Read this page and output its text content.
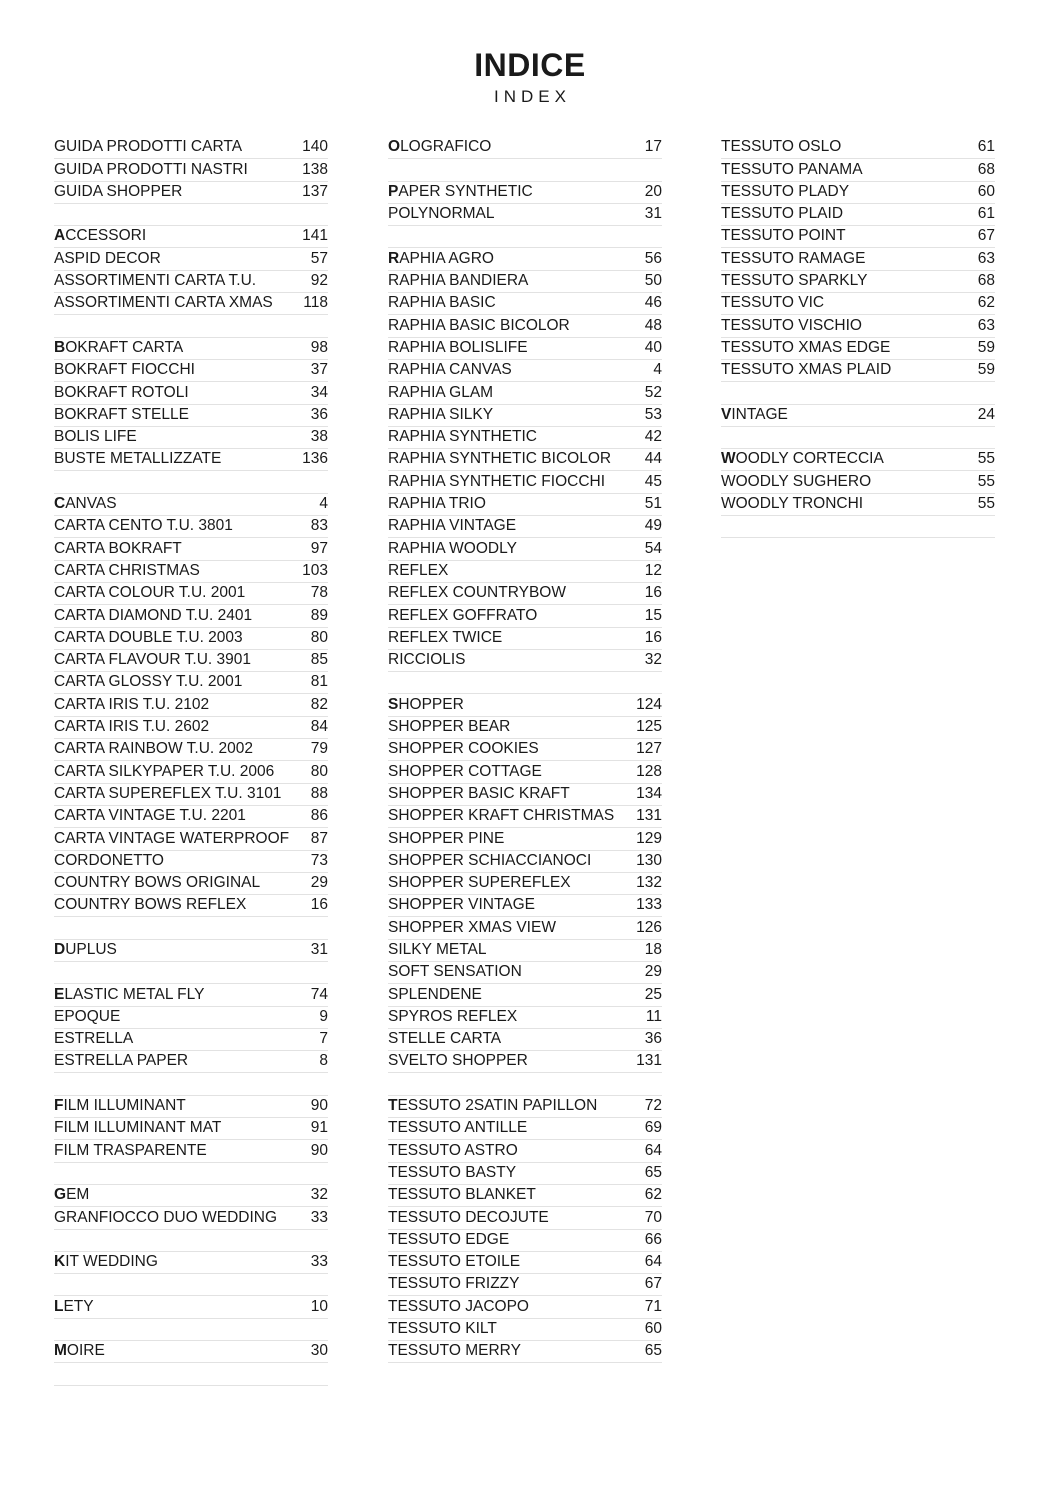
INDICE
INDEX
GUIDA PRODOTTI CARTA	140
GUIDA PRODOTTI NASTRI	138
GUIDA SHOPPER	137
ACCESSORI	141
ASPID DECOR	57
ASSORTIMENTI CARTA T.U.	92
ASSORTIMENTI CARTA XMAS 118
BOKRAFT CARTA	98
BOKRAFT FIOCCHI	37
BOKRAFT ROTOLI	34
BOKRAFT STELLE	36
BOLIS LIFE	38
BUSTE METALLIZZATE	136
CANVAS	4
CARTA CENTO T.U. 3801	83
CARTA BOKRAFT	97
CARTA CHRISTMAS	103
CARTA COLOUR T.U. 2001	78
CARTA DIAMOND T.U. 2401	89
CARTA DOUBLE T.U. 2003	80
CARTA FLAVOUR T.U. 3901	85
CARTA GLOSSY T.U. 2001	81
CARTA IRIS T.U. 2102	82
CARTA IRIS T.U. 2602	84
CARTA RAINBOW T.U. 2002	79
CARTA SILKYPAPER T.U. 2006 80
CARTA SUPEREFLEX T.U. 3101 88
CARTA VINTAGE T.U. 2201	86
CARTA VINTAGE WATERPROOF 87
CORDONETTO	73
COUNTRY BOWS ORIGINAL	29
COUNTRY BOWS REFLEX	16
DUPLUS	31
ELASTIC METAL FLY	74
EPOQUE	9
ESTRELLA	7
ESTRELLA PAPER	8
FILM ILLUMINANT	90
FILM ILLUMINANT MAT	91
FILM TRASPARENTE	90
GEM	32
GRANFIOCCO DUO WEDDING 33
KIT WEDDING	33
LETY	10
MOIRE	30
OLOGRAFICO	17
PAPER SYNTHETIC	20
POLYNORMAL	31
RAPHIA AGRO	56
RAPHIA BANDIERA	50
RAPHIA BASIC	46
RAPHIA BASIC BICOLOR	48
RAPHIA BOLISLIFE	40
RAPHIA CANVAS	4
RAPHIA GLAM	52
RAPHIA SILKY	53
RAPHIA SYNTHETIC	42
RAPHIA SYNTHETIC BICOLOR 44
RAPHIA SYNTHETIC FIOCCHI	45
RAPHIA TRIO	51
RAPHIA VINTAGE	49
RAPHIA WOODLY	54
REFLEX	12
REFLEX COUNTRYBOW	16
REFLEX GOFFRATO	15
REFLEX TWICE	16
RICCIOLIS	32
SHOPPER	124
SHOPPER BEAR	125
SHOPPER COOKIES	127
SHOPPER COTTAGE	128
SHOPPER BASIC KRAFT	134
SHOPPER KRAFT CHRISTMAS 131
SHOPPER PINE	129
SHOPPER SCHIACCIANOCI	130
SHOPPER SUPEREFLEX	132
SHOPPER VINTAGE	133
SHOPPER XMAS VIEW	126
SILKY METAL	18
SOFT SENSATION	29
SPLENDENE	25
SPYROS REFLEX	11
STELLE CARTA	36
SVELTO SHOPPER	131
TESSUTO 2SATIN PAPILLON	72
TESSUTO ANTILLE	69
TESSUTO ASTRO	64
TESSUTO BASTY	65
TESSUTO BLANKET	62
TESSUTO DECOJUTE	70
TESSUTO EDGE	66
TESSUTO ETOILE	64
TESSUTO FRIZZY	67
TESSUTO JACOPO	71
TESSUTO KILT	60
TESSUTO MERRY	65
TESSUTO OSLO	61
TESSUTO PANAMA	68
TESSUTO PLADY	60
TESSUTO PLAID	61
TESSUTO POINT	67
TESSUTO RAMAGE	63
TESSUTO SPARKLY	68
TESSUTO VIC	62
TESSUTO VISCHIO	63
TESSUTO XMAS EDGE	59
TESSUTO XMAS PLAID	59
VINTAGE	24
WOODLY CORTECCIA	55
WOODLY SUGHERO	55
WOODLY TRONCHI	55
